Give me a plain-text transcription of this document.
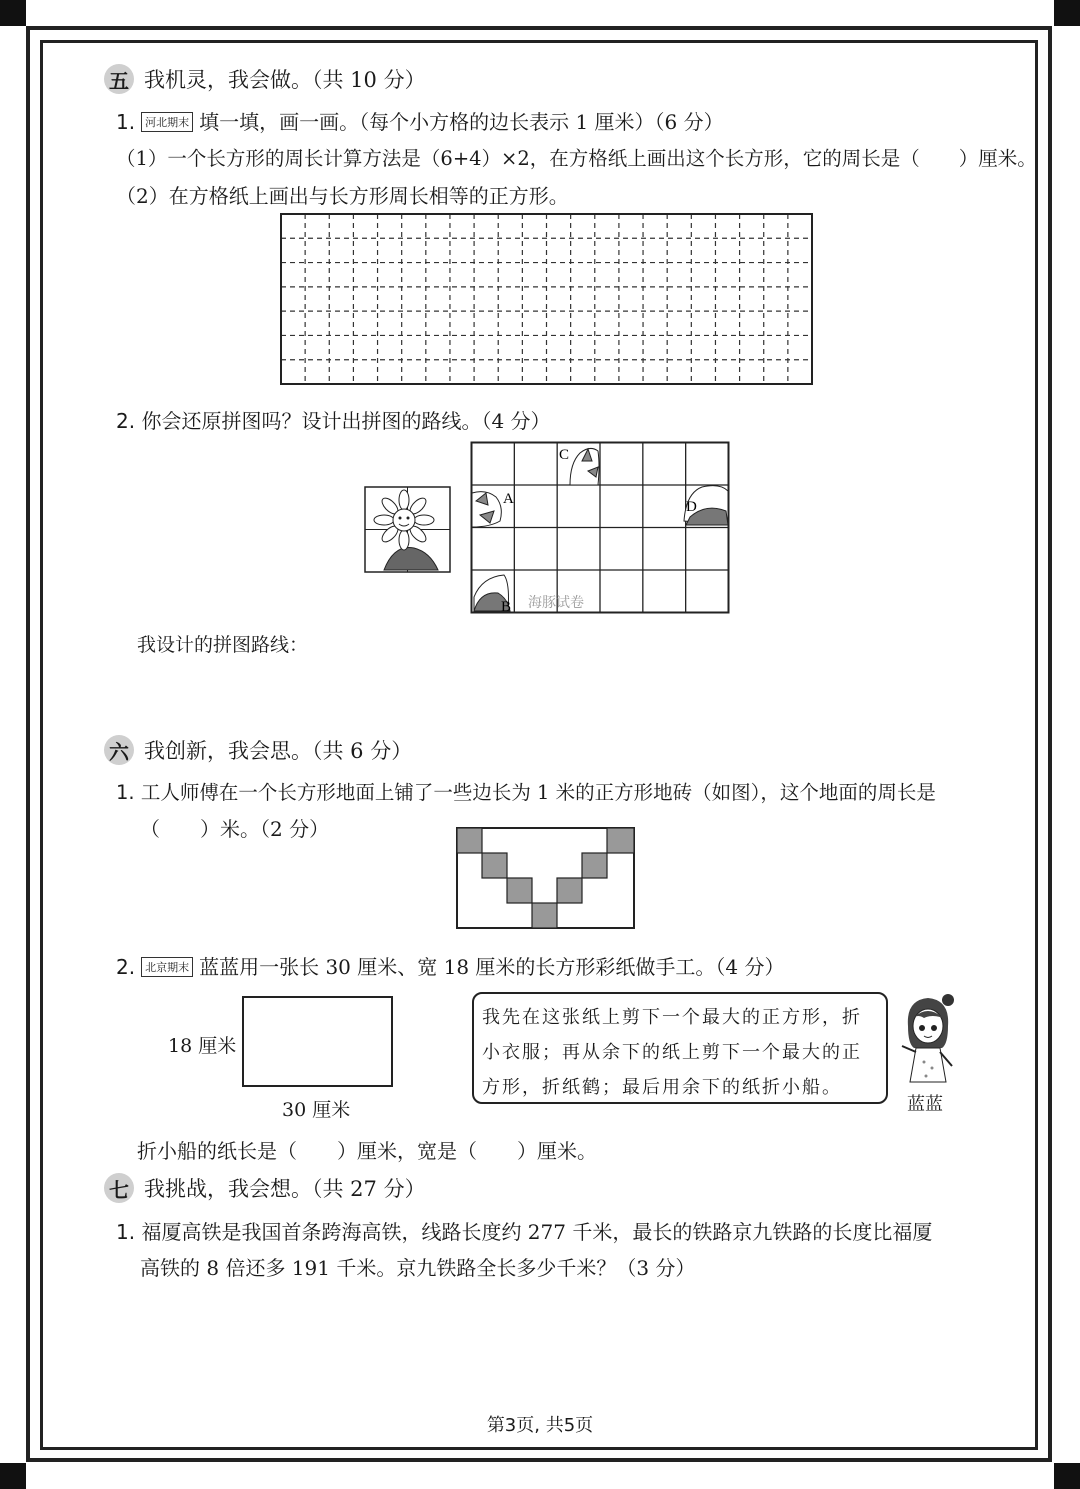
五 我机灵，我会做。（共 10 分）
1. 河北期末 填一填，画一画。（每个小方格的边长表示 1 厘米）（6 分）
（1）一个长方形的周长计算方法是（6+4）×2，在方格纸上画出这个长方形，它的周长是（　　）厘米。
（2）在方格纸上画出与长方形周长相等的正方形。
2. 你会还原拼图吗？设计出拼图的路线。（4 分）
A
B
C
D
海豚试卷
我设计的拼图路线：
六 我创新，我会思。（共 6 分）
1. 工人师傅在一个长方形地面上铺了一些边长为 1 米的正方形地砖（如图），这个地面的周长是
（　　）米。（2 分）
2. 北京期末 蓝蓝用一张长 30 厘米、宽 18 厘米的长方形彩纸做手工。（4 分）
18 厘米
30 厘米
我先在这张纸上剪下一个最大的正方形，折小衣服；再从余下的纸上剪下一个最大的正方形，折纸鹤；最后用余下的纸折小船。
蓝蓝
折小船的纸长是（　　）厘米，宽是（　　）厘米。
七 我挑战，我会想。（共 27 分）
1. 福厦高铁是我国首条跨海高铁，线路长度约 277 千米，最长的铁路京九铁路的长度比福厦
高铁的 8 倍还多 191 千米。京九铁路全长多少千米？（3 分）
第3页, 共5页
